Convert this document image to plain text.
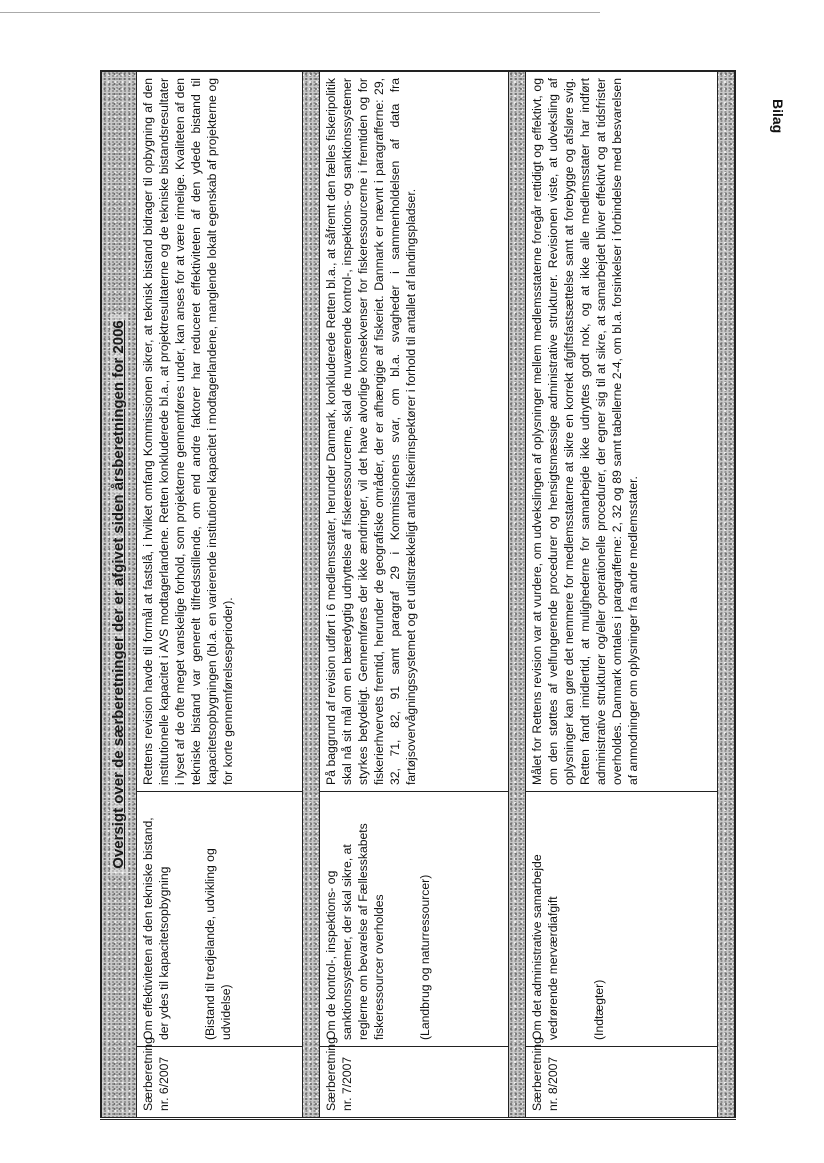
Bilag
Oversigt over de særberetninger der er afgivet siden årsberetningen for 2006		
Særberetning nr. 6/2007	Om effektiviteten af den tekniske bistand, der ydes til kapacitetsopbygning (Bistand til tredjelande, udvikling og udvidelse)	Rettens revision havde til formål at fastslå, i hvilket omfang Kommissionen sikrer, at teknisk bistand bidrager til opbygning af den institutionelle kapacitet i AVS modtagerlandene. Retten konkluderede bl.a., at projektresultaterne og de tekniske bistandsresultater i lyset af de ofte meget vanskelige forhold, som projekterne gennemføres under, kan anses for at være rimelige. Kvaliteten af den tekniske bistand var generelt tilfredsstillende, om end andre faktorer har reduceret effektiviteten af den ydede bistand til kapacitetsopbygningen (bl.a. en varierende institutionel kapacitet i modtagerlandene, manglende lokalt egenskab af projekterne og for korte gennemførelsesperioder).

Særberetning nr. 7/2007	Om de kontrol-, inspektions- og sanktionssystemer, der skal sikre, at reglerne om bevarelse af Fællesskabets fiskeressourcer overholdes (Landbrug og naturressourcer)	På baggrund af revision udført i 6 medlemsstater, herunder Danmark, konkluderede Retten bl.a., at såfremt den fælles fiskeripolitik skal nå sit mål om en bæredygtig udnyttelse af fiskeressourcerne, skal de nuværende kontrol-, inspektions- og sanktionssystemer styrkes betydeligt. Gennemføres der ikke ændringer, vil det have alvorlige konsekvenser for fiskeressourcerne i fremtiden og for fiskerierhvervets fremtid, herunder de geografiske områder, der er afhængige af fiskeriet. Danmark er nævnt i paragrafferne: 29, 32, 71, 82, 91 samt paragraf 29 i Kommissionens svar, om bl.a. svagheder i sammenholdelsen af data fra fartøjsovervågningssystemet og et utilstrækkeligt antal fiskeriinspektører i forhold til antallet af landingspladser.

Særberetning nr. 8/2007	Om det administrative samarbejde vedrørende merværdiafgift (Indtægter)	Målet for Rettens revision var at vurdere, om udvekslingen af oplysninger mellem medlemsstaterne foregår rettidigt og effektivt, og om den støttes af velfungerende procedurer og hensigtsmæssige administrative strukturer. Revisionen viste, at udveksling af oplysninger kan gøre det nemmere for medlemsstaterne at sikre en korrekt afgiftsfastsættelse samt at forebygge og afsløre svig. Retten fandt imidlertid, at mulighederne for samarbejde ikke udnyttes godt nok, og at ikke alle medlemsstater har indført administrative strukturer og/eller operationelle procedurer, der egner sig til at sikre, at samarbejdet bliver effektivt og at tidsfrister overholdes. Danmark omtales i paragrafferne: 2, 32 og 89 samt tabellerne 2-4, om bl.a. forsinkelser i forbindelse med besvarelsen af anmodninger om oplysninger fra andre medlemsstater.
